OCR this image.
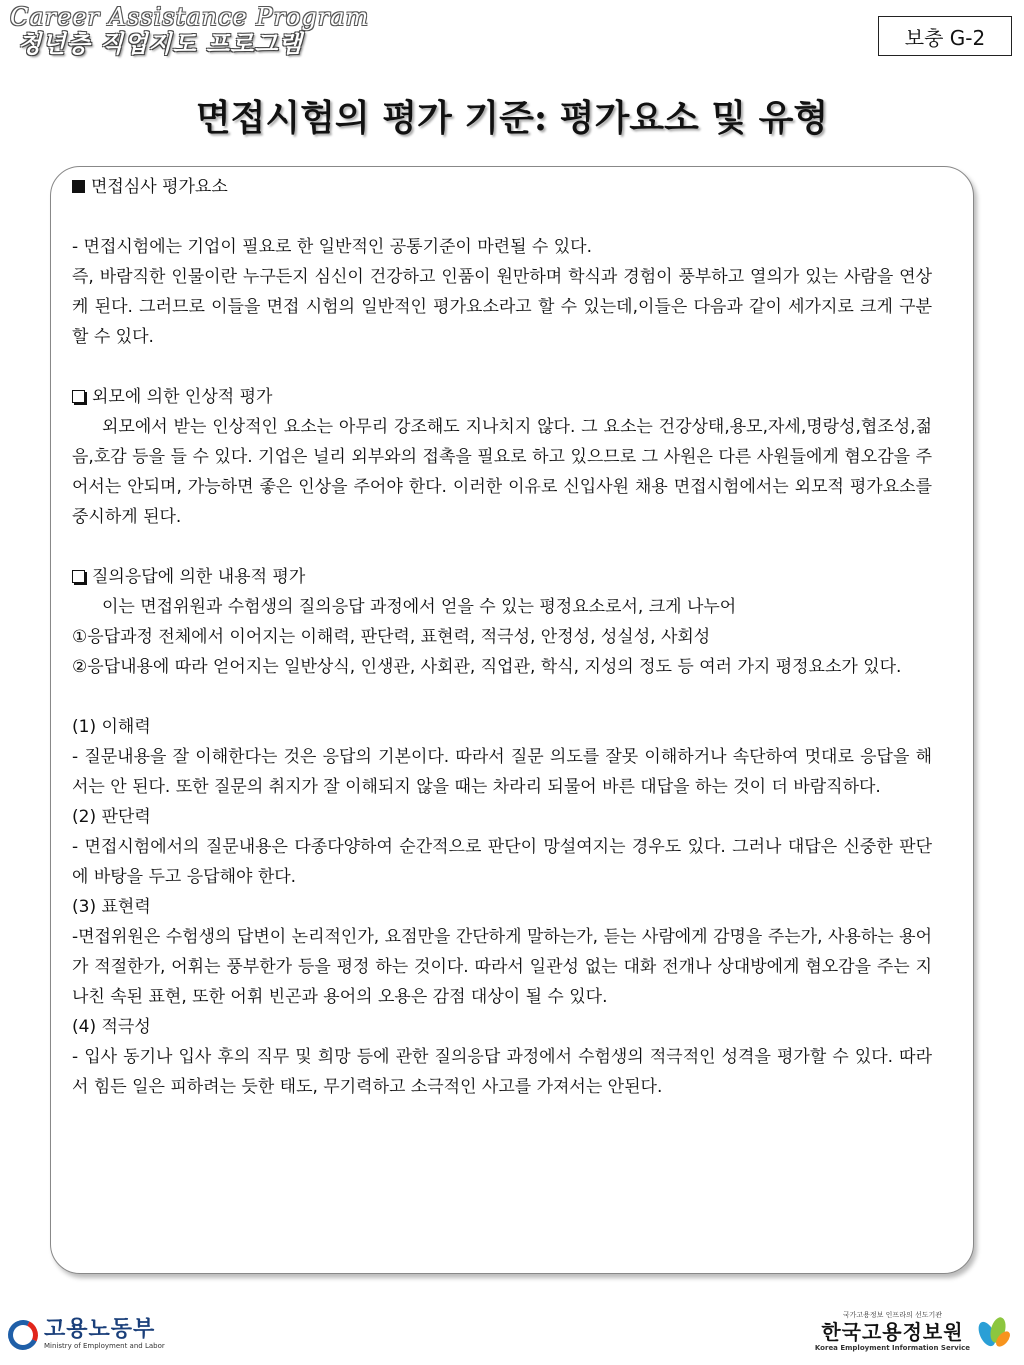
Career Assistance Program
청년층 직업지도 프로그램	보충 G-2
면접시험의 평가 기준: 평가요소 및 유형

면접심사 평가요소

- 면접시험에는 기업이 필요로 한 일반적인 공통기준이 마련될 수 있다.

즉, 바람직한 인물이란 누구든지 심신이 건강하고 인품이 원만하며 학식과 경험이 풍부하고 열의가 있는 사람을 연상케 된다. 그러므로 이들을 면접 시험의 일반적인 평가요소라고 할 수 있는데,이들은 다음과 같이 세가지로 크게 구분할 수 있다.

외모에 의한 인상적 평가

외모에서 받는 인상적인 요소는 아무리 강조해도 지나치지 않다. 그 요소는 건강상태,용모,자세,명랑성,협조성,젊음,호감 등을 들 수 있다. 기업은 널리 외부와의 접촉을 필요로 하고 있으므로 그 사원은 다른 사원들에게 혐오감을 주어서는 안되며, 가능하면 좋은 인상을 주어야 한다. 이러한 이유로 신입사원 채용 면접시험에서는 외모적 평가요소를 중시하게 된다.

질의응답에 의한 내용적 평가

이는 면접위원과 수험생의 질의응답 과정에서 얻을 수 있는 평정요소로서, 크게 나누어

①응답과정 전체에서 이어지는 이해력, 판단력, 표현력, 적극성, 안정성, 성실성, 사회성

②응답내용에 따라 얻어지는 일반상식, 인생관, 사회관, 직업관, 학식, 지성의 정도 등 여러 가지 평정요소가 있다.

(1) 이해력

- 질문내용을 잘 이해한다는 것은 응답의 기본이다. 따라서 질문 의도를 잘못 이해하거나 속단하여 멋대로 응답을 해서는 안 된다. 또한 질문의 취지가 잘 이해되지 않을 때는 차라리 되물어 바른 대답을 하는 것이 더 바람직하다.

(2) 판단력

- 면접시험에서의 질문내용은 다종다양하여 순간적으로 판단이 망설여지는 경우도 있다. 그러나 대답은 신중한 판단에 바탕을 두고 응답해야 한다.

(3) 표현력

-면접위원은 수험생의 답변이 논리적인가, 요점만을 간단하게 말하는가, 듣는 사람에게 감명을 주는가, 사용하는 용어가 적절한가, 어휘는 풍부한가 등을 평정 하는 것이다. 따라서 일관성 없는 대화 전개나 상대방에게 혐오감을 주는 지나친 속된 표현, 또한 어휘 빈곤과 용어의 오용은 감점 대상이 될 수 있다.

(4) 적극성

- 입사 동기나 입사 후의 직무 및 희망 등에 관한 질의응답 과정에서 수험생의 적극적인 성격을 평가할 수 있다. 따라서 힘든 일은 피하려는 듯한 태도, 무기력하고 소극적인 사고를 가져서는 안된다.

고용노동부
Ministry of Employment and Labor
국가고용정보 인프라의 선도기관
한국고용정보원
Korea Employment Information Service
